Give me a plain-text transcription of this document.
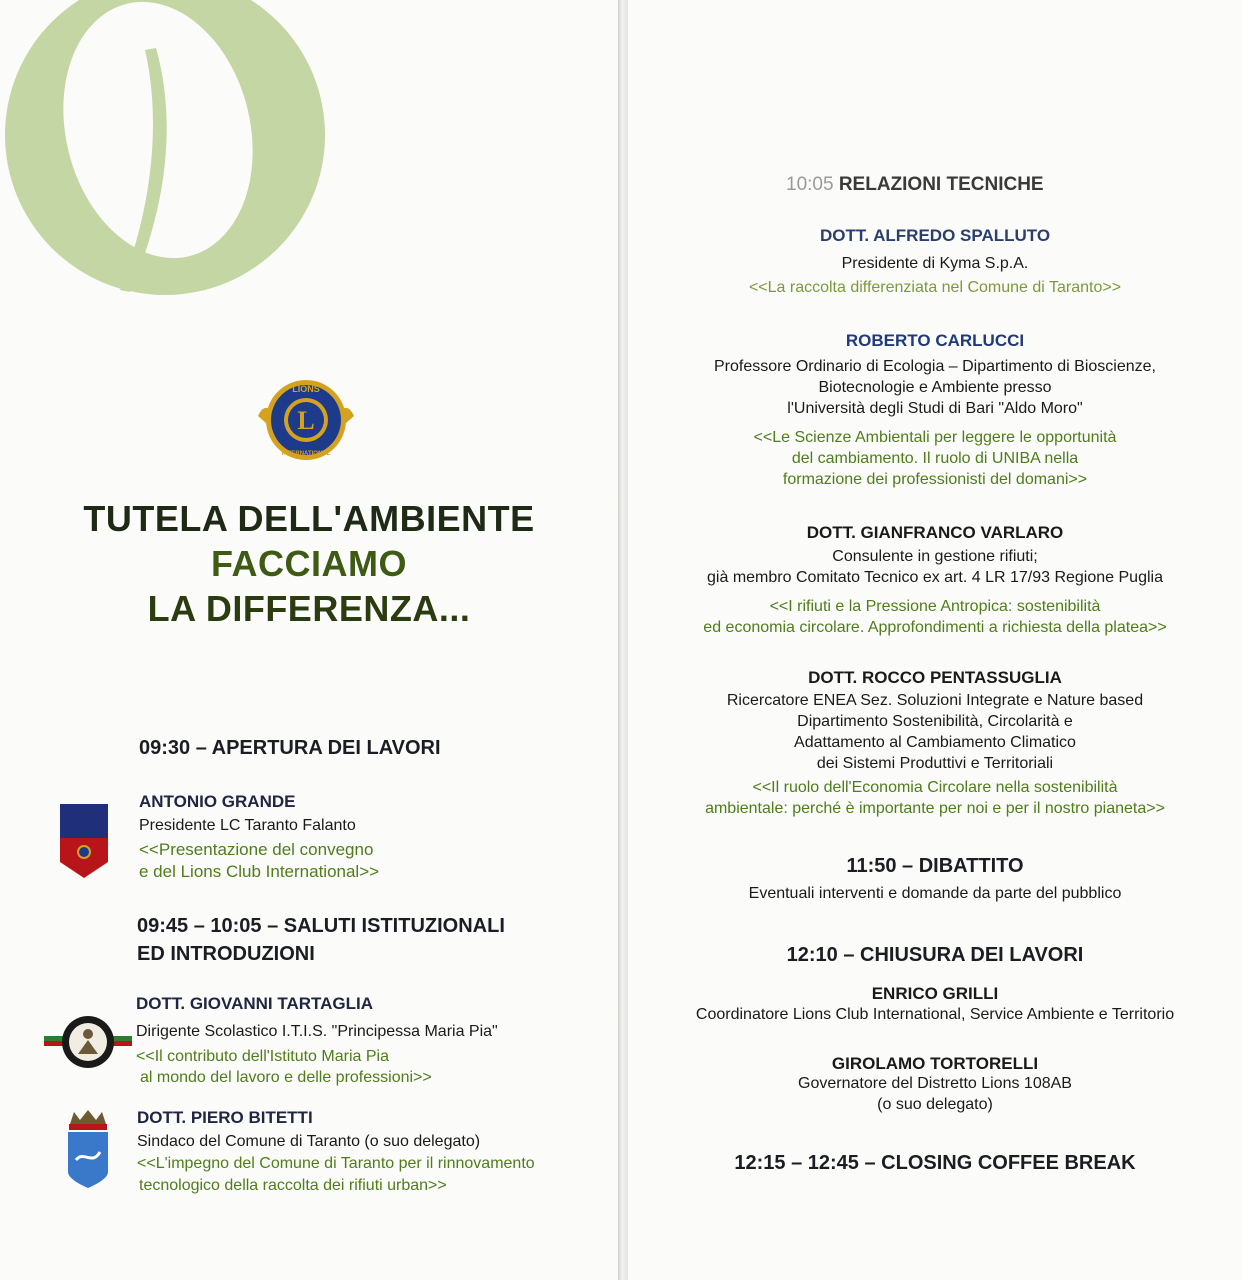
L
LIONS
INTERNATIONAL
TUTELA DELL'AMBIENTE
FACCIAMO
LA DIFFERENZA...
09:30 – APERTURA DEI LAVORI
ANTONIO GRANDE
Presidente LC Taranto Falanto
<<Presentazione del convegno
e del Lions Club International>>
09:45 – 10:05 – SALUTI ISTITUZIONALI
ED INTRODUZIONI
DOTT. GIOVANNI TARTAGLIA
Dirigente Scolastico I.T.I.S. "Principessa Maria Pia"
<<Il contributo dell'Istituto Maria Pia
al mondo del lavoro e delle professioni>>
DOTT. PIERO BITETTI
Sindaco del Comune di Taranto (o suo delegato)
<<L'impegno del Comune di Taranto per il rinnovamento
tecnologico della raccolta dei rifiuti urban>>
10:05 RELAZIONI TECNICHE
DOTT. ALFREDO SPALLUTO
Presidente di Kyma S.p.A.
<<La raccolta differenziata nel Comune di Taranto>>
ROBERTO CARLUCCI
Professore Ordinario di Ecologia – Dipartimento di Bioscienze,
Biotecnologie e Ambiente presso
l'Università degli Studi di Bari "Aldo Moro"
<<Le Scienze Ambientali per leggere le opportunità
del cambiamento. Il ruolo di UNIBA nella
formazione dei professionisti del domani>>
DOTT. GIANFRANCO VARLARO
Consulente in gestione rifiuti;
già membro Comitato Tecnico ex art. 4 LR 17/93 Regione Puglia
<<I rifiuti e la Pressione Antropica: sostenibilità
ed economia circolare. Approfondimenti a richiesta della platea>>
DOTT. ROCCO PENTASSUGLIA
Ricercatore ENEA Sez. Soluzioni Integrate e Nature based
Dipartimento Sostenibilità, Circolarità e
Adattamento al Cambiamento Climatico
dei Sistemi Produttivi e Territoriali
<<Il ruolo dell'Economia Circolare nella sostenibilità
ambientale: perché è importante per noi e per il nostro pianeta>>
11:50 – DIBATTITO
Eventuali interventi e domande da parte del pubblico
12:10 – CHIUSURA DEI LAVORI
ENRICO GRILLI
Coordinatore Lions Club International, Service Ambiente e Territorio
GIROLAMO TORTORELLI
Governatore del Distretto Lions 108AB
(o suo delegato)
12:15 – 12:45 – CLOSING COFFEE BREAK
